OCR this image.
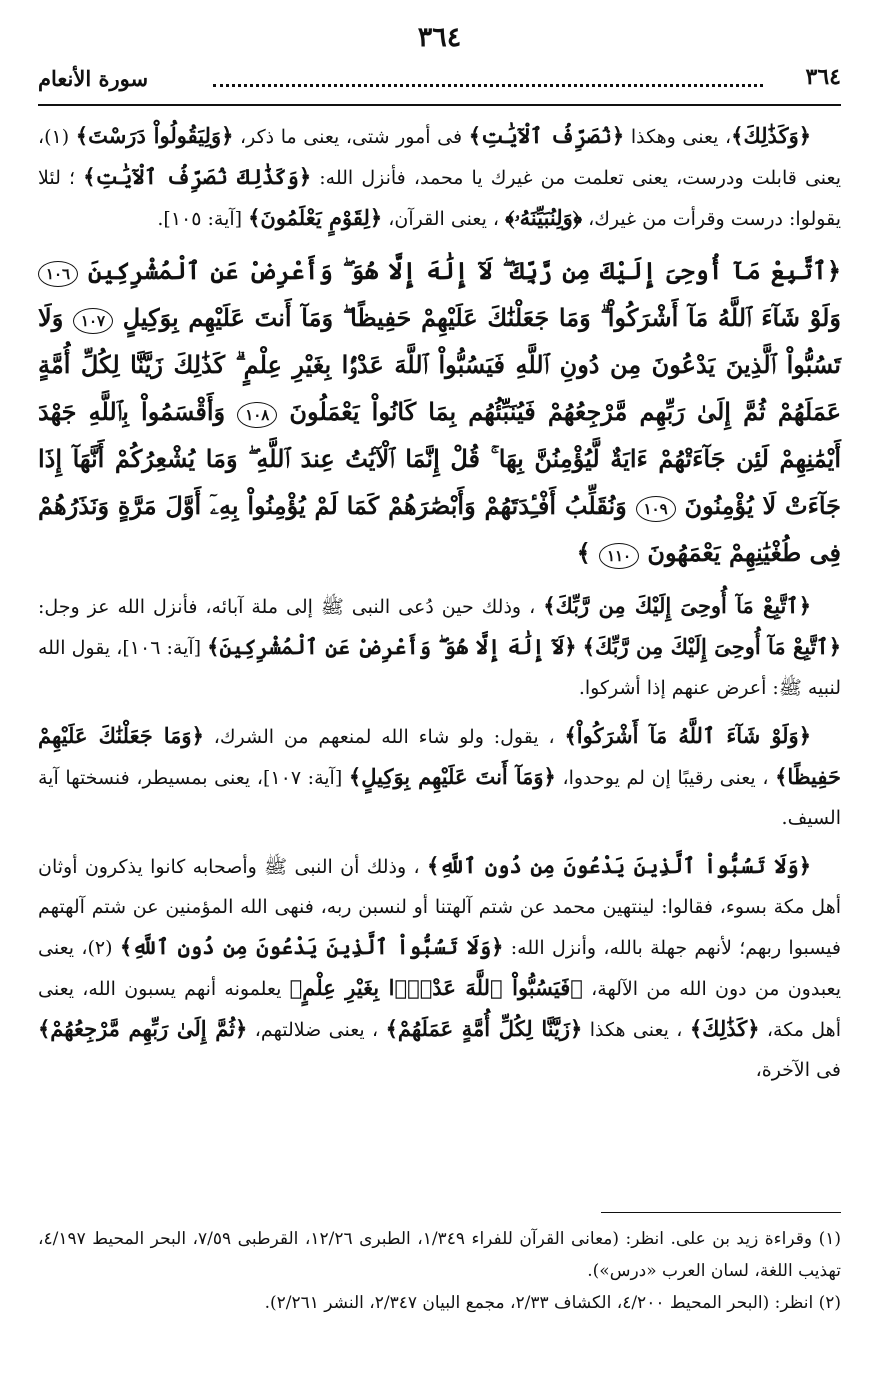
٣٦٤
٣٦٤
سورة الأنعام

﴿وَكَذَٰلِكَ﴾، يعنى وهكذا ﴿نُصَرِّفُ ٱلْآيَٰتِ﴾ فى أمور شتى، يعنى ما ذكر، ﴿وَلِيَقُولُواْ دَرَسْتَ﴾ (١)، يعنى قابلت ودرست، يعنى تعلمت من غيرك يا محمد، فأنزل الله: ﴿وَكَذَٰلِكَ نُصَرِّفُ ٱلْآيَٰتِ﴾ ؛ لئلا يقولوا: درست وقرأت من غيرك، ﴿وَلِنُبَيِّنَهُۥ﴾ ، يعنى القرآن، ﴿لِقَوْمٍ يَعْلَمُونَ﴾ [آية: ١٠٥].

﴿ٱتَّبِعْ مَآ أُوحِىَ إِلَيْكَ مِن رَّبِّكَ ۖ لَآ إِلَٰهَ إِلَّا هُوَ ۖ وَأَعْرِضْ عَنِ ٱلْمُشْرِكِينَ ١٠٦ وَلَوْ شَآءَ ٱللَّهُ مَآ أَشْرَكُواْ ۗ وَمَا جَعَلْنَٰكَ عَلَيْهِمْ حَفِيظًا ۖ وَمَآ أَنتَ عَلَيْهِم بِوَكِيلٍ ١٠٧ وَلَا تَسُبُّواْ ٱلَّذِينَ يَدْعُونَ مِن دُونِ ٱللَّهِ فَيَسُبُّواْ ٱللَّهَ عَدْوًۢا بِغَيْرِ عِلْمٍ ۗ كَذَٰلِكَ زَيَّنَّا لِكُلِّ أُمَّةٍ عَمَلَهُمْ ثُمَّ إِلَىٰ رَبِّهِم مَّرْجِعُهُمْ فَيُنَبِّئُهُم بِمَا كَانُواْ يَعْمَلُونَ ١٠٨ وَأَقْسَمُواْ بِٱللَّهِ جَهْدَ أَيْمَٰنِهِمْ لَئِن جَآءَتْهُمْ ءَايَةٌ لَّيُؤْمِنُنَّ بِهَا ۚ قُلْ إِنَّمَا ٱلْآيَٰتُ عِندَ ٱللَّهِ ۖ وَمَا يُشْعِرُكُمْ أَنَّهَآ إِذَا جَآءَتْ لَا يُؤْمِنُونَ ١٠٩ وَنُقَلِّبُ أَفْـِٔدَتَهُمْ وَأَبْصَٰرَهُمْ كَمَا لَمْ يُؤْمِنُواْ بِهِۦٓ أَوَّلَ مَرَّةٍ وَنَذَرُهُمْ فِى طُغْيَٰنِهِمْ يَعْمَهُونَ ١١٠ ﴾

﴿ٱتَّبِعْ مَآ أُوحِىَ إِلَيْكَ مِن رَّبِّكَ﴾ ، وذلك حين دُعى النبى ﷺ إلى ملة آبائه، فأنزل الله عز وجل: ﴿ٱتَّبِعْ مَآ أُوحِىَ إِلَيْكَ مِن رَّبِّكَ﴾ ﴿لَآ إِلَٰهَ إِلَّا هُوَ ۖ وَأَعْرِضْ عَنِ ٱلْمُشْرِكِينَ﴾ [آية: ١٠٦]، يقول الله لنبيه ﷺ: أعرض عنهم إذا أشركوا.

﴿وَلَوْ شَآءَ ٱللَّهُ مَآ أَشْرَكُواْ﴾ ، يقول: ولو شاء الله لمنعهم من الشرك، ﴿وَمَا جَعَلْنَٰكَ عَلَيْهِمْ حَفِيظًا﴾ ، يعنى رقيبًا إن لم يوحدوا، ﴿وَمَآ أَنتَ عَلَيْهِم بِوَكِيلٍ﴾ [آية: ١٠٧]، يعنى بمسيطر، فنسختها آية السيف.

﴿وَلَا تَسُبُّواْ ٱلَّذِينَ يَدْعُونَ مِن دُونِ ٱللَّهِ﴾ ، وذلك أن النبى ﷺ وأصحابه كانوا يذكرون أوثان أهل مكة بسوء، فقالوا: لينتهين محمد عن شتم آلهتنا أو لنسبن ربه، فنهى الله المؤمنين عن شتم آلهتهم فيسبوا ربهم؛ لأنهم جهلة بالله، وأنزل الله: ﴿وَلَا تَسُبُّواْ ٱلَّذِينَ يَدْعُونَ مِن دُونِ ٱللَّهِ﴾ (٢)، يعنى يعبدون من دون الله من الآلهة، ﴿فَيَسُبُّواْ ٱللَّهَ عَدْوًۢا بِغَيْرِ عِلْمٍ﴾ يعلمونه أنهم يسبون الله، يعنى أهل مكة، ﴿كَذَٰلِكَ﴾ ، يعنى هكذا ﴿زَيَّنَّا لِكُلِّ أُمَّةٍ عَمَلَهُمْ﴾ ، يعنى ضلالتهم، ﴿ثُمَّ إِلَىٰ رَبِّهِم مَّرْجِعُهُمْ﴾ فى الآخرة،

(١) وقراءة زيد بن على. انظر: (معانى القرآن للفراء ١/٣٤٩، الطبرى ١٢/٢٦، القرطبى ٧/٥٩، البحر المحيط ٤/١٩٧، تهذيب اللغة، لسان العرب «درس»).

(٢) انظر: (البحر المحيط ٤/٢٠٠، الكشاف ٢/٣٣، مجمع البيان ٢/٣٤٧، النشر ٢/٢٦١).
